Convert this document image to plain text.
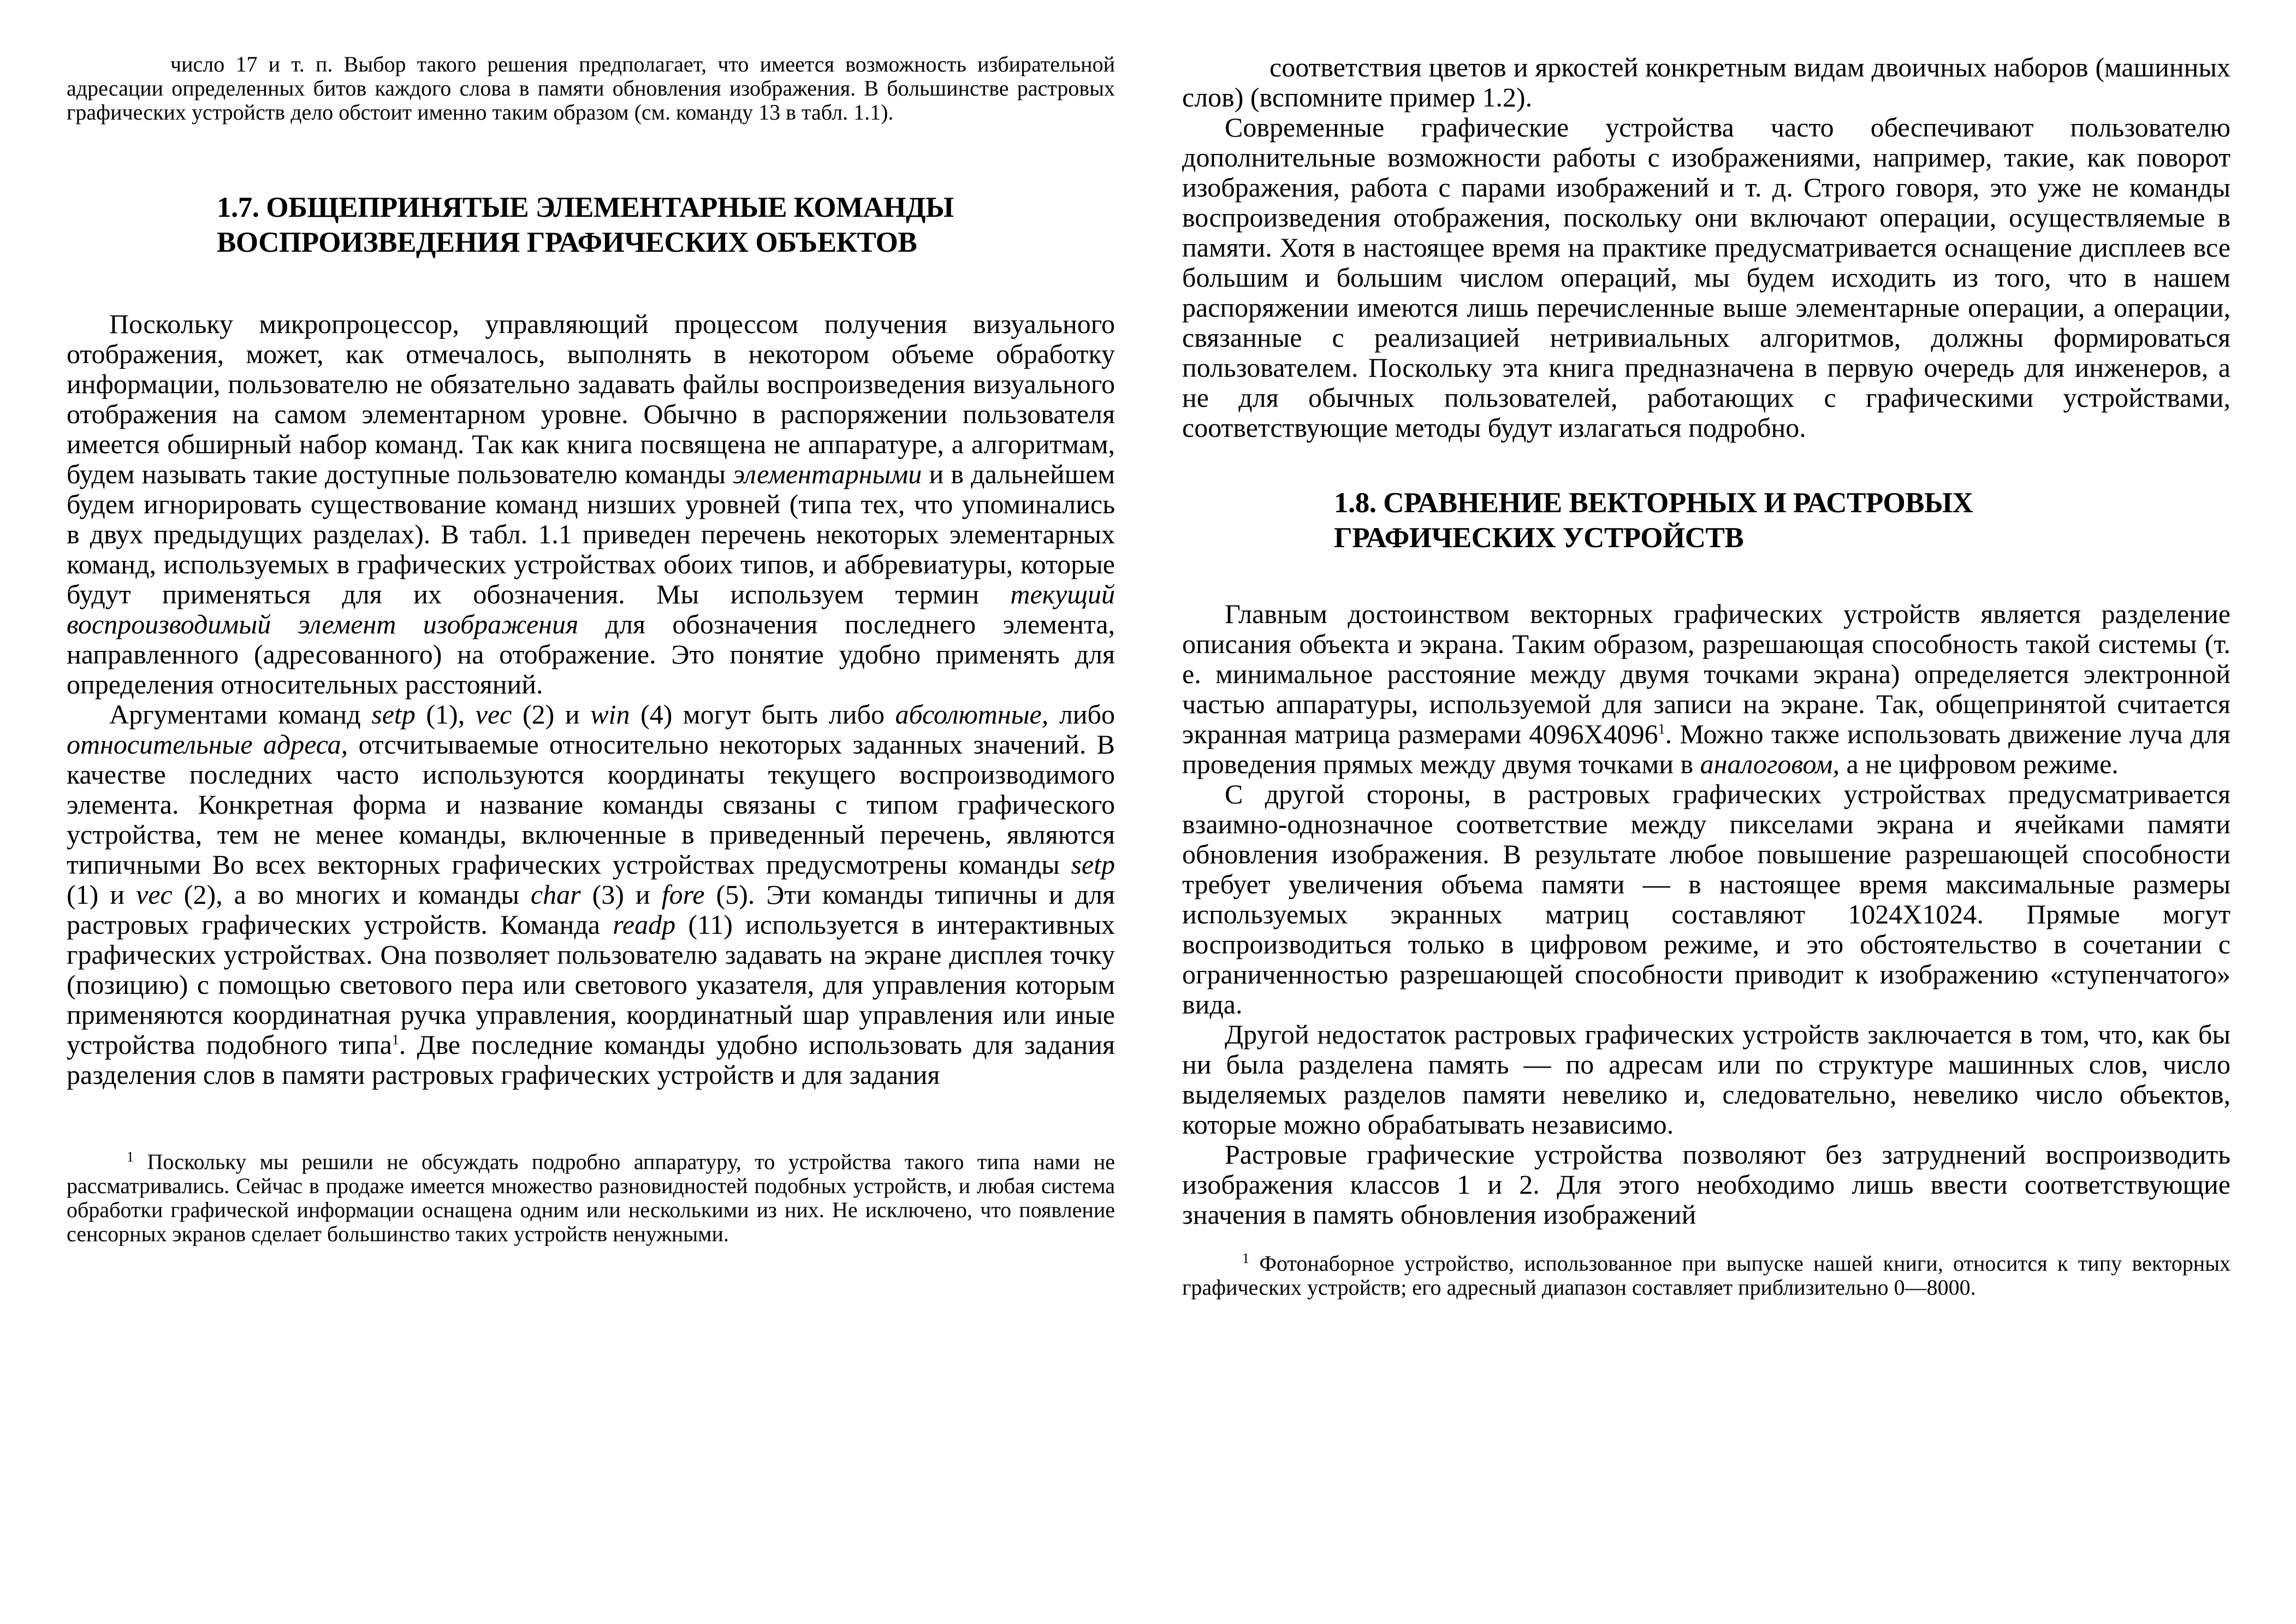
число 17 и т. п. Выбор такого решения предполагает, что имеется возможность избирательной адресации определенных битов каждого слова в памяти обновления изображения. В большинстве растровых графических устройств дело обстоит именно таким образом (см. команду 13 в табл. 1.1).

1.7. ОБЩЕПРИНЯТЫЕ ЭЛЕМЕНТАРНЫЕ КОМАНДЫ
ВОСПРОИЗВЕДЕНИЯ ГРАФИЧЕСКИХ ОБЪЕКТОВ

Поскольку микропроцессор, управляющий процессом получения визуального отображения, может, как отмечалось, выполнять в некотором объеме обработку информации, пользователю не обязательно задавать файлы воспроизведения визуального отображения на самом элементарном уровне. Обычно в распоряжении пользователя имеется обширный набор команд. Так как книга посвящена не аппаратуре, а алгоритмам, будем называть такие доступные пользователю команды элементарными и в дальнейшем будем игнорировать существование команд низших уровней (типа тех, что упоминались в двух предыдущих разделах). В табл. 1.1 приведен перечень некоторых элементарных команд, используемых в графических устройствах обоих типов, и аббревиатуры, которые будут применяться для их обозначения. Мы используем термин текущий воспроизводимый элемент изображения для обозначения последнего элемента, направленного (адресованного) на отображение. Это понятие удобно применять для определения относительных расстояний.

Аргументами команд setp (1), vec (2) и win (4) могут быть либо абсолютные, либо относительные адреса, отсчитываемые относительно некоторых заданных значений. В качестве последних часто используются координаты текущего воспроизводимого элемента. Конкретная форма и название команды связаны с типом графического устройства, тем не менее команды, включенные в приведенный перечень, являются типичными Во всех векторных графических устройствах предусмотрены команды setp (1) и vec (2), а во многих и команды char (3) и fore (5). Эти команды типичны и для растровых графических устройств. Команда readp (11) используется в интерактивных графических устройствах. Она позволяет пользователю задавать на экране дисплея точку (позицию) с помощью светового пера или светового указателя, для управления которым применяются координатная ручка управления, координатный шар управления или иные устройства подобного типа$^1$. Две последние команды удобно использовать для задания разделения слов в памяти растровых графических устройств и для задания

$^1$ Поскольку мы решили не обсуждать подробно аппаратуру, то устройства такого типа нами не рассматривались. Сейчас в продаже имеется множество разновидностей подобных устройств, и любая система обработки графической информации оснащена одним или несколькими из них. Не исключено, что появление сенсорных экранов сделает большинство таких устройств ненужными.

соответствия цветов и яркостей конкретным видам двоичных наборов (машинных слов) (вспомните пример 1.2).

Современные графические устройства часто обеспечивают пользователю дополнительные возможности работы с изображениями, например, такие, как поворот изображения, работа с парами изображений и т. д. Строго говоря, это уже не команды воспроизведения отображения, поскольку они включают операции, осуществляемые в памяти. Хотя в настоящее время на практике предусматривается оснащение дисплеев все большим и большим числом операций, мы будем исходить из того, что в нашем распоряжении имеются лишь перечисленные выше элементарные операции, а операции, связанные с реализацией нетривиальных алгоритмов, должны формироваться пользователем. Поскольку эта книга предназначена в первую очередь для инженеров, а не для обычных пользователей, работающих с графическими устройствами, соответствующие методы будут излагаться подробно.

1.8. СРАВНЕНИЕ ВЕКТОРНЫХ И РАСТРОВЫХ
ГРАФИЧЕСКИХ УСТРОЙСТВ

Главным достоинством векторных графических устройств является разделение описания объекта и экрана. Таким образом, разрешающая способность такой системы (т. е. минимальное расстояние между двумя точками экрана) определяется электронной частью аппаратуры, используемой для записи на экране. Так, общепринятой считается экранная матрица размерами 4096Х4096$^1$. Можно также использовать движение луча для проведения прямых между двумя точками в аналоговом, а не цифровом режиме.

С другой стороны, в растровых графических устройствах предусматривается взаимно-однозначное соответствие между пикселами экрана и ячейками памяти обновления изображения. В результате любое повышение разрешающей способности требует увеличения объема памяти — в настоящее время максимальные размеры используемых экранных матриц составляют 1024Х1024. Прямые могут воспроизводиться только в цифровом режиме, и это обстоятельство в сочетании с ограниченностью разрешающей способности приводит к изображению «ступенчатого» вида.

Другой недостаток растровых графических устройств заключается в том, что, как бы ни была разделена память — по адресам или по структуре машинных слов, число выделяемых разделов памяти невелико и, следовательно, невелико число объектов, которые можно обрабатывать независимо.

Растровые графические устройства позволяют без затруднений воспроизводить изображения классов 1 и 2. Для этого необходимо лишь ввести соответствующие значения в память обновления изображений

$^1$ Фотонаборное устройство, использованное при выпуске нашей книги, относится к типу векторных графических устройств; его адресный диапазон составляет приблизительно 0—8000.
